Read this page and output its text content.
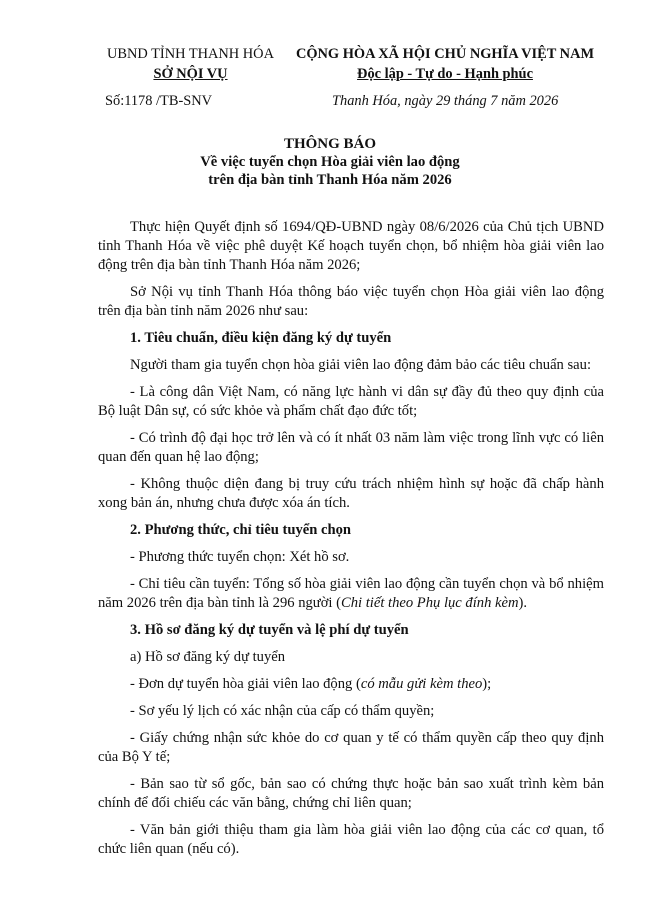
UBND TỈNH THANH HÓA
SỞ NỘI VỤ
CỘNG HÒA XÃ HỘI CHỦ NGHĨA VIỆT NAM
Độc lập - Tự do - Hạnh phúc
Số:1178 /TB-SNV	Thanh Hóa, ngày 29 tháng 7 năm 2026
THÔNG BÁO
Về việc tuyển chọn Hòa giải viên lao động
trên địa bàn tỉnh Thanh Hóa năm 2026
Thực hiện Quyết định số 1694/QĐ-UBND ngày 08/6/2026 của Chủ tịch UBND tỉnh Thanh Hóa về việc phê duyệt Kế hoạch tuyển chọn, bổ nhiệm hòa giải viên lao động trên địa bàn tỉnh Thanh Hóa năm 2026;
Sở Nội vụ tỉnh Thanh Hóa thông báo việc tuyển chọn Hòa giải viên lao động trên địa bàn tỉnh năm 2026 như sau:
1. Tiêu chuẩn, điều kiện đăng ký dự tuyển
Người tham gia tuyển chọn hòa giải viên lao động đảm bảo các tiêu chuẩn sau:
- Là công dân Việt Nam, có năng lực hành vi dân sự đầy đủ theo quy định của Bộ luật Dân sự, có sức khỏe và phẩm chất đạo đức tốt;
- Có trình độ đại học trở lên và có ít nhất 03 năm làm việc trong lĩnh vực có liên quan đến quan hệ lao động;
- Không thuộc diện đang bị truy cứu trách nhiệm hình sự hoặc đã chấp hành xong bản án, nhưng chưa được xóa án tích.
2. Phương thức, chỉ tiêu tuyển chọn
- Phương thức tuyển chọn: Xét hồ sơ.
- Chỉ tiêu cần tuyển: Tổng số hòa giải viên lao động cần tuyển chọn và bổ nhiệm năm 2026 trên địa bàn tỉnh là 296 người (Chi tiết theo Phụ lục đính kèm).
3. Hồ sơ đăng ký dự tuyển và lệ phí dự tuyển
a) Hồ sơ đăng ký dự tuyển
- Đơn dự tuyển hòa giải viên lao động (có mẫu gửi kèm theo);
- Sơ yếu lý lịch có xác nhận của cấp có thẩm quyền;
- Giấy chứng nhận sức khỏe do cơ quan y tế có thẩm quyền cấp theo quy định của Bộ Y tế;
- Bản sao từ sổ gốc, bản sao có chứng thực hoặc bản sao xuất trình kèm bản chính để đối chiếu các văn bằng, chứng chỉ liên quan;
- Văn bản giới thiệu tham gia làm hòa giải viên lao động của các cơ quan, tổ chức liên quan (nếu có).
